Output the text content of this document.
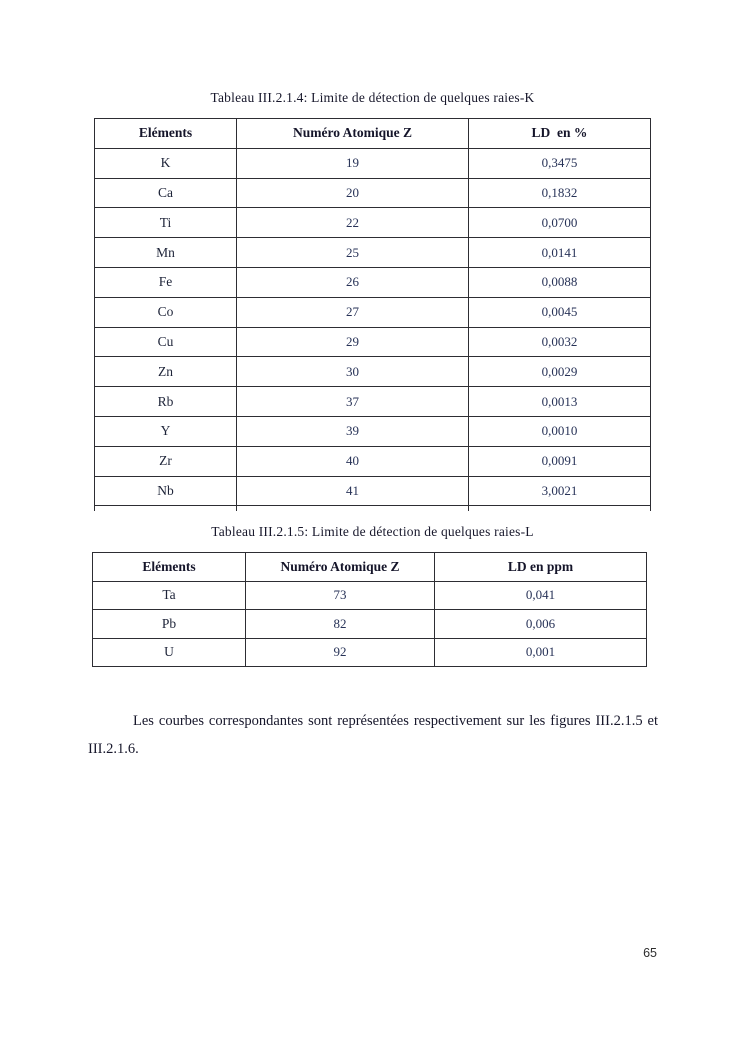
Tableau III.2.1.4: Limite de détection de quelques raies-K
Eléments	Numéro Atomique Z	LD  en %
K	19	0,3475
Ca	20	0,1832
Ti	22	0,0700
Mn	25	0,0141
Fe	26	0,0088
Co	27	0,0045
Cu	29	0,0032
Zn	30	0,0029
Rb	37	0,0013
Y	39	0,0010
Zr	40	0,0091
Nb	41	3,0021

Tableau III.2.1.5: Limite de détection de quelques raies-L
Eléments	Numéro Atomique Z	LD en ppm
Ta	73	0,041
Pb	82	0,006
U	92	0,001

Les courbes correspondantes sont représentées respectivement sur les figures III.2.1.5 et III.2.1.6.

65
